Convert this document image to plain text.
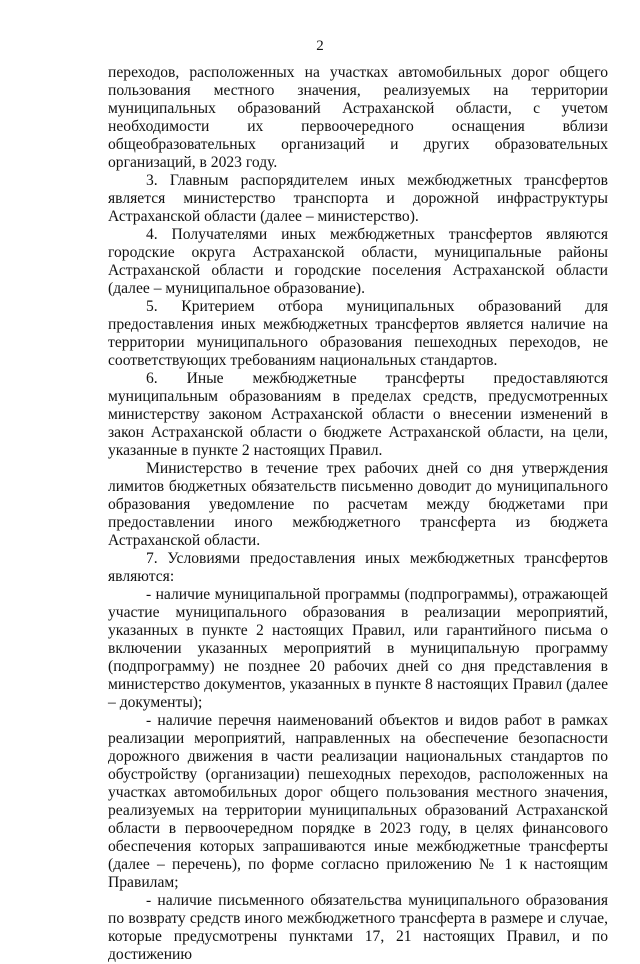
2

переходов, расположенных на участках автомобильных дорог общего пользования местного значения, реализуемых на территории муниципальных образований Астраханской области, с учетом необходимости их первоочередного оснащения вблизи общеобразовательных организаций и других образовательных организаций, в 2023 году.

3. Главным распорядителем иных межбюджетных трансфертов является министерство транспорта и дорожной инфраструктуры Астраханской области (далее – министерство).

4. Получателями иных межбюджетных трансфертов являются городские округа Астраханской области, муниципальные районы Астраханской области и городские поселения Астраханской области (далее – муниципальное образование).

5. Критерием отбора муниципальных образований для предоставления иных межбюджетных трансфертов является наличие на территории муниципального образования пешеходных переходов, не соответствующих требованиям национальных стандартов.

6. Иные межбюджетные трансферты предоставляются муниципальным образованиям в пределах средств, предусмотренных министерству законом Астраханской области о внесении изменений в закон Астраханской области о бюджете Астраханской области, на цели, указанные в пункте 2 настоящих Правил.

Министерство в течение трех рабочих дней со дня утверждения лимитов бюджетных обязательств письменно доводит до муниципального образования уведомление по расчетам между бюджетами при предоставлении иного межбюджетного трансферта из бюджета Астраханской области.

7. Условиями предоставления иных межбюджетных трансфертов являются:

- наличие муниципальной программы (подпрограммы), отражающей участие муниципального образования в реализации мероприятий, указанных в пункте 2 настоящих Правил, или гарантийного письма о включении указанных мероприятий в муниципальную программу (подпрограмму) не позднее 20 рабочих дней со дня представления в министерство документов, указанных в пункте 8 настоящих Правил (далее – документы);

- наличие перечня наименований объектов и видов работ в рамках реализации мероприятий, направленных на обеспечение безопасности дорожного движения в части реализации национальных стандартов по обустройству (организации) пешеходных переходов, расположенных на участках автомобильных дорог общего пользования местного значения, реализуемых на территории муниципальных образований Астраханской области в первоочередном порядке в 2023 году, в целях финансового обеспечения которых запрашиваются иные межбюджетные трансферты (далее – перечень), по форме согласно приложению № 1 к настоящим Правилам;

- наличие письменного обязательства муниципального образования по возврату средств иного межбюджетного трансферта в размере и случае, которые предусмотрены пунктами 17, 21 настоящих Правил, и по достижению
